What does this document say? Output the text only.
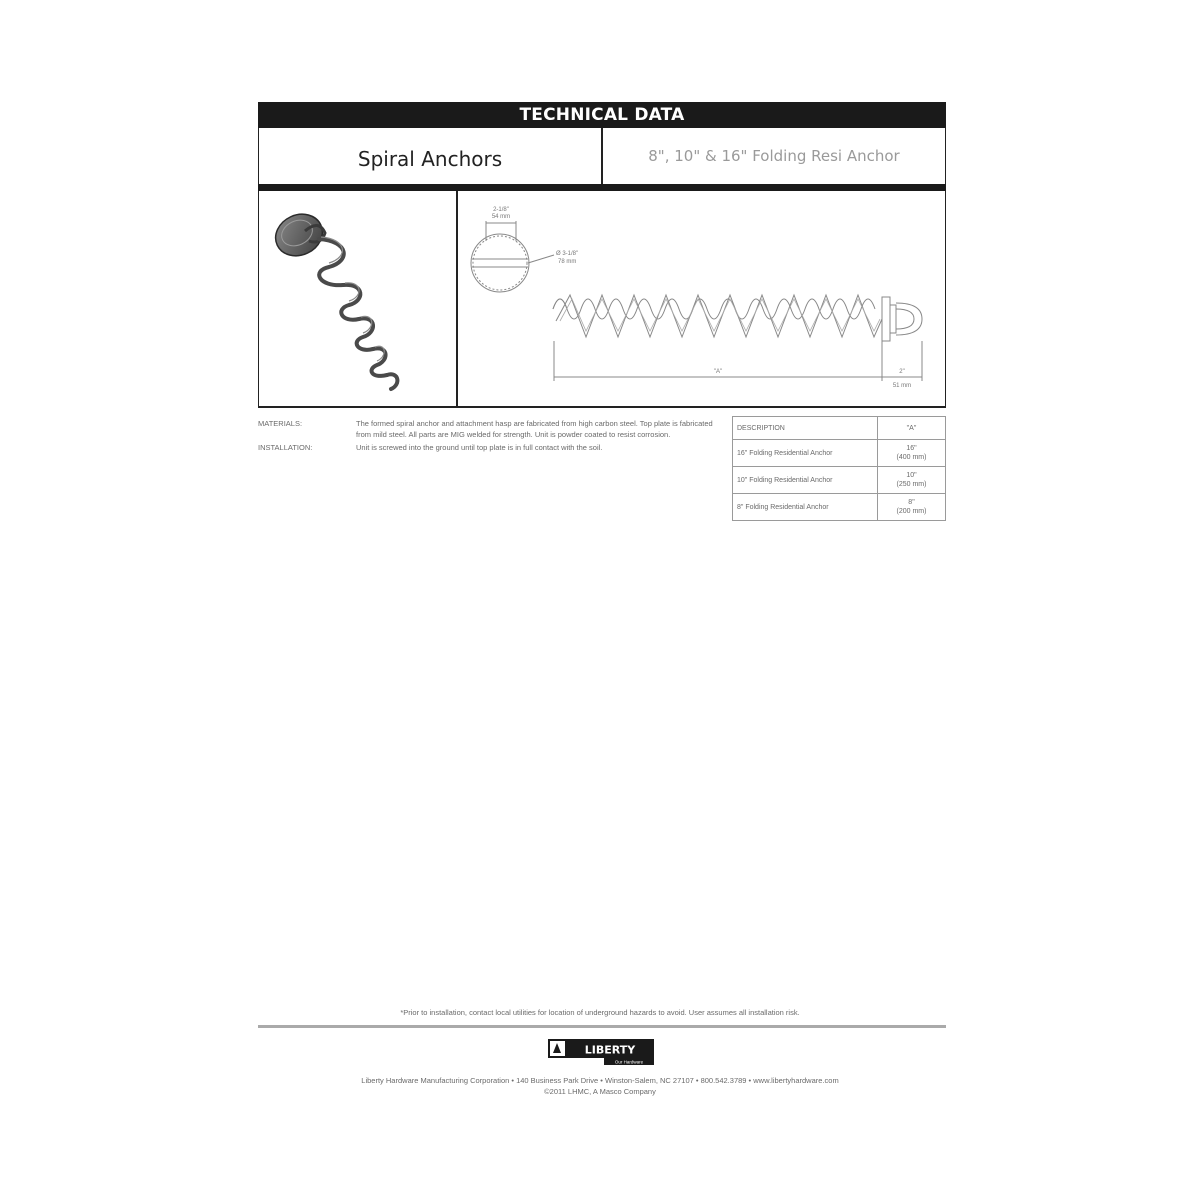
TECHNICAL DATA
Spiral Anchors	8", 10" & 16" Folding Resi Anchor
2-1/8"
54 mm
Ø 3-1/8"
78 mm
"A"	2"
51 mm
MATERIALS:	The formed spiral anchor and attachment hasp are fabricated from high carbon steel. Top plate is fabricated from mild steel. All parts are MIG welded for strength. Unit is powder coated to resist corrosion.
INSTALLATION:	Unit is screwed into the ground until top plate is in full contact with the soil.
DESCRIPTION	"A"
16" Folding Residential Anchor	16"
(400 mm)
10" Folding Residential Anchor	10"
(250 mm)
8" Folding Residential Anchor	8"
(200 mm)
*Prior to installation, contact local utilities for location of underground hazards to avoid. User assumes all installation risk.
LIBERTY
Our Hardware
Liberty Hardware Manufacturing Corporation • 140 Business Park Drive • Winston-Salem, NC 27107 • 800.542.3789 • www.libertyhardware.com
©2011 LHMC, A Masco Company
